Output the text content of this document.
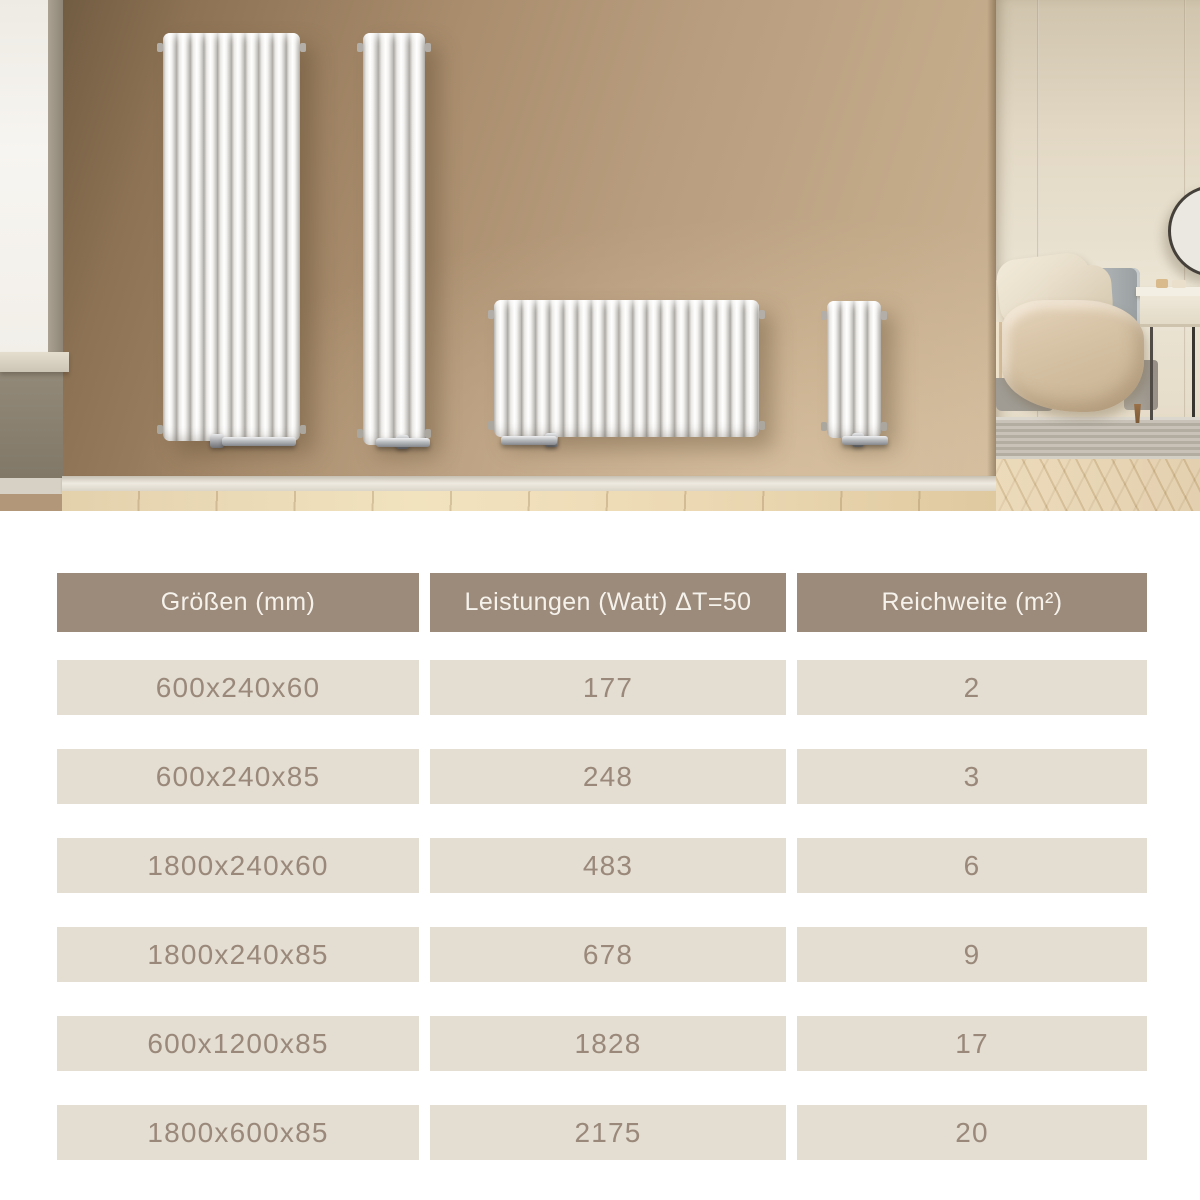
Größen (mm)	Leistungen (Watt) ΔT=50	Reichweite (m²)
600x240x60	177	2
600x240x85	248	3
1800x240x60	483	6
1800x240x85	678	9
600x1200x85	1828	17
1800x600x85	2175	20
